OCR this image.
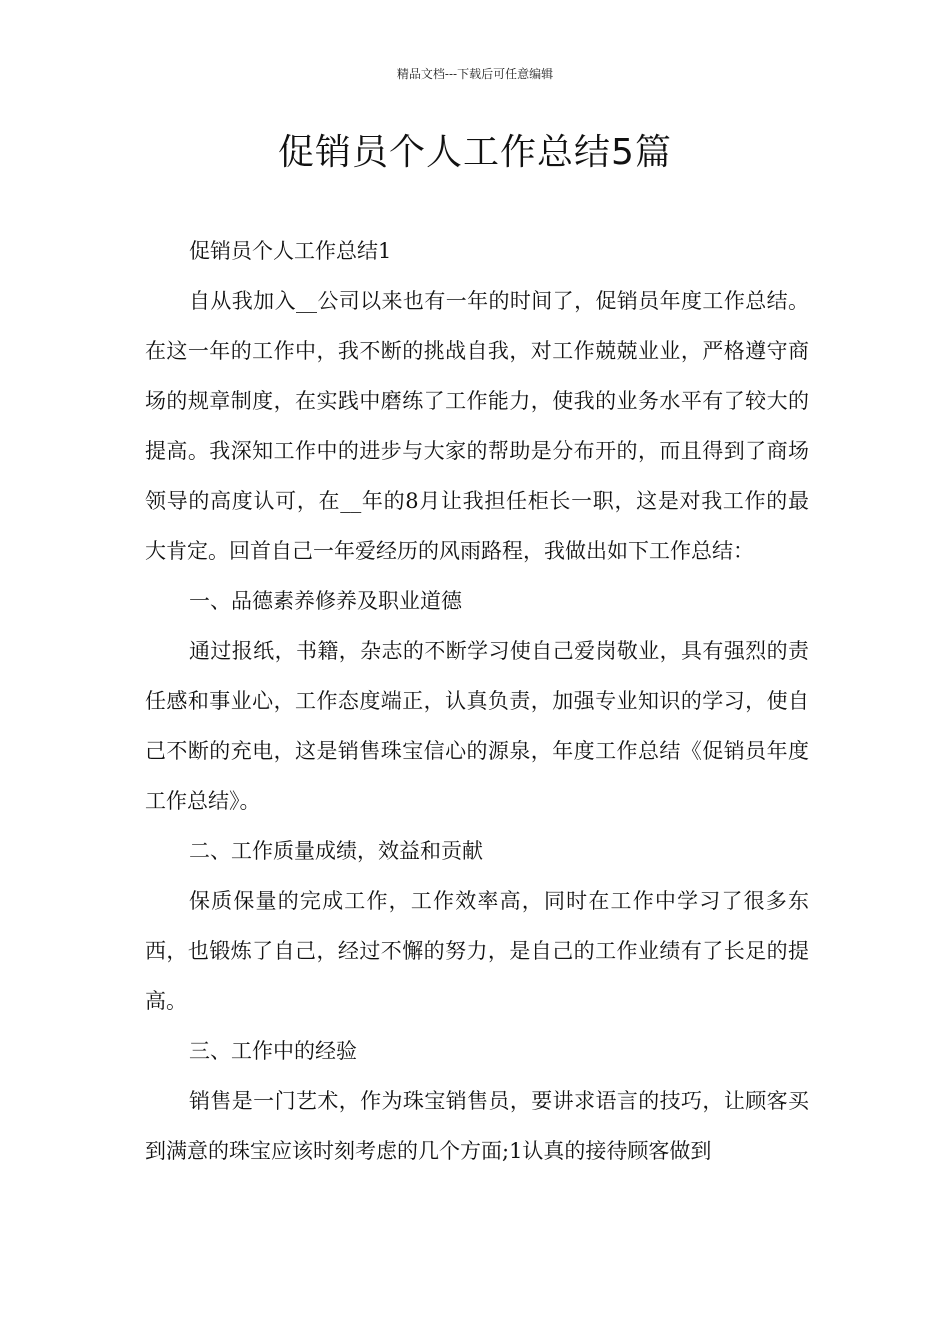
精品文档---下载后可任意编辑
促销员个人工作总结5篇
促销员个人工作总结1

自从我加入__公司以来也有一年的时间了，促销员年度工作总结。在这一年的工作中，我不断的挑战自我，对工作兢兢业业，严格遵守商场的规章制度，在实践中磨练了工作能力，使我的业务水平有了较大的提高。我深知工作中的进步与大家的帮助是分布开的，而且得到了商场领导的高度认可，在__年的8月让我担任柜长一职，这是对我工作的最大肯定。回首自己一年爱经历的风雨路程，我做出如下工作总结：

一、品德素养修养及职业道德

通过报纸，书籍，杂志的不断学习使自己爱岗敬业，具有强烈的责任感和事业心，工作态度端正，认真负责，加强专业知识的学习，使自己不断的充电，这是销售珠宝信心的源泉，年度工作总结《促销员年度工作总结》。

二、工作质量成绩，效益和贡献

保质保量的完成工作，工作效率高，同时在工作中学习了很多东西，也锻炼了自己，经过不懈的努力，是自己的工作业绩有了长足的提高。

三、工作中的经验

销售是一门艺术，作为珠宝销售员，要讲求语言的技巧，让顾客买到满意的珠宝应该时刻考虑的几个方面;1认真的接待顾客做到
